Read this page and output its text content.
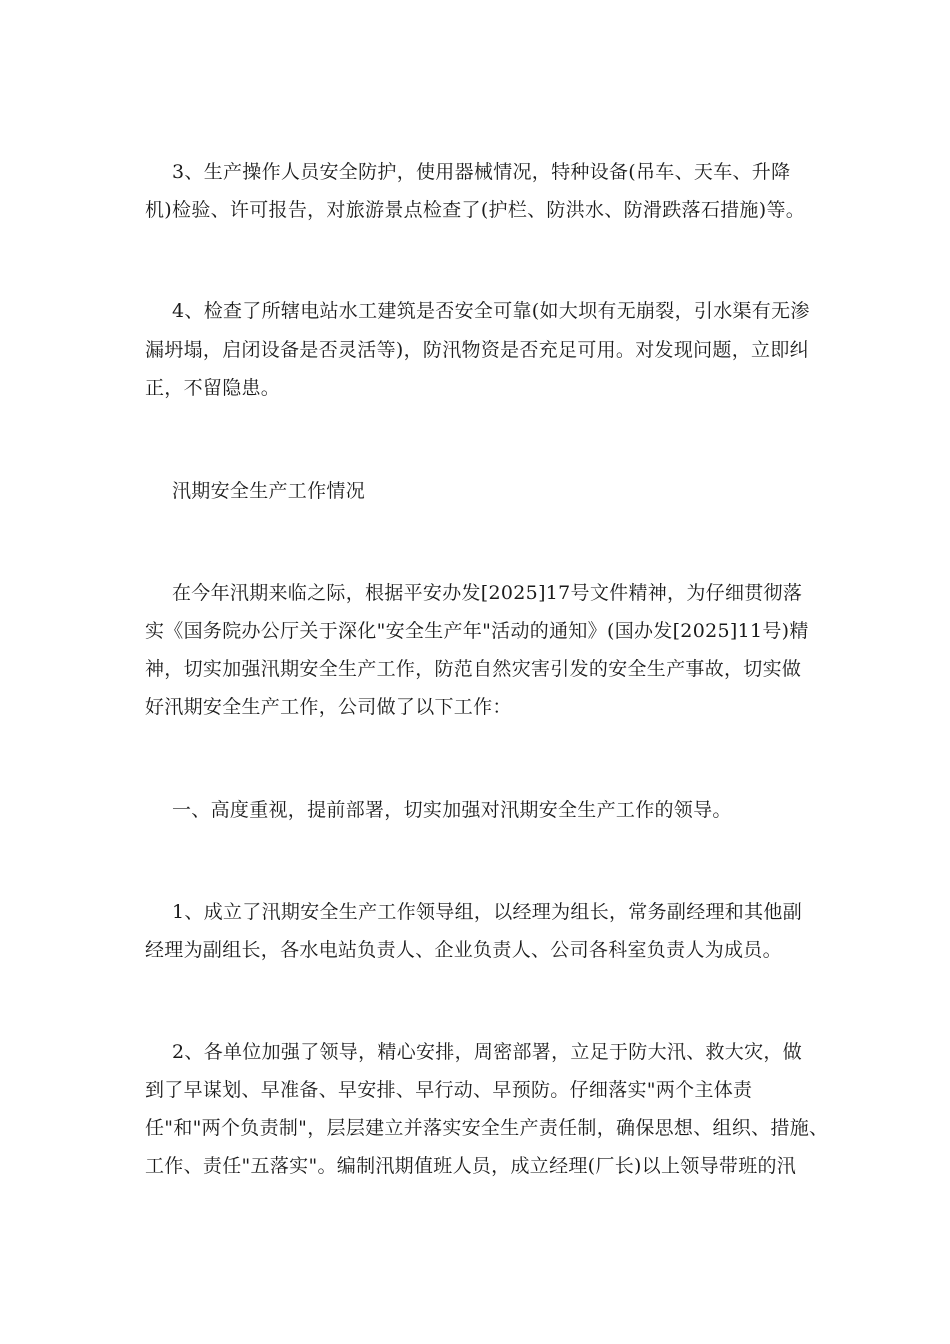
3、生产操作人员安全防护，使用器械情况，特种设备(吊车、天车、升降
机)检验、许可报告，对旅游景点检查了(护栏、防洪水、防滑跌落石措施)等。
4、检查了所辖电站水工建筑是否安全可靠(如大坝有无崩裂，引水渠有无渗
漏坍塌，启闭设备是否灵活等)，防汛物资是否充足可用。对发现问题，立即纠
正，不留隐患。
汛期安全生产工作情况
在今年汛期来临之际，根据平安办发[2025]17号文件精神，为仔细贯彻落
实《国务院办公厅关于深化"安全生产年"活动的通知》(国办发[2025]11号)精
神，切实加强汛期安全生产工作，防范自然灾害引发的安全生产事故，切实做
好汛期安全生产工作，公司做了以下工作：
一、高度重视，提前部署，切实加强对汛期安全生产工作的领导。
1、成立了汛期安全生产工作领导组，以经理为组长，常务副经理和其他副
经理为副组长，各水电站负责人、企业负责人、公司各科室负责人为成员。
2、各单位加强了领导，精心安排，周密部署，立足于防大汛、救大灾，做
到了早谋划、早准备、早安排、早行动、早预防。仔细落实"两个主体责
任"和"两个负责制"，层层建立并落实安全生产责任制，确保思想、组织、措施、
工作、责任"五落实"。编制汛期值班人员，成立经理(厂长)以上领导带班的汛
